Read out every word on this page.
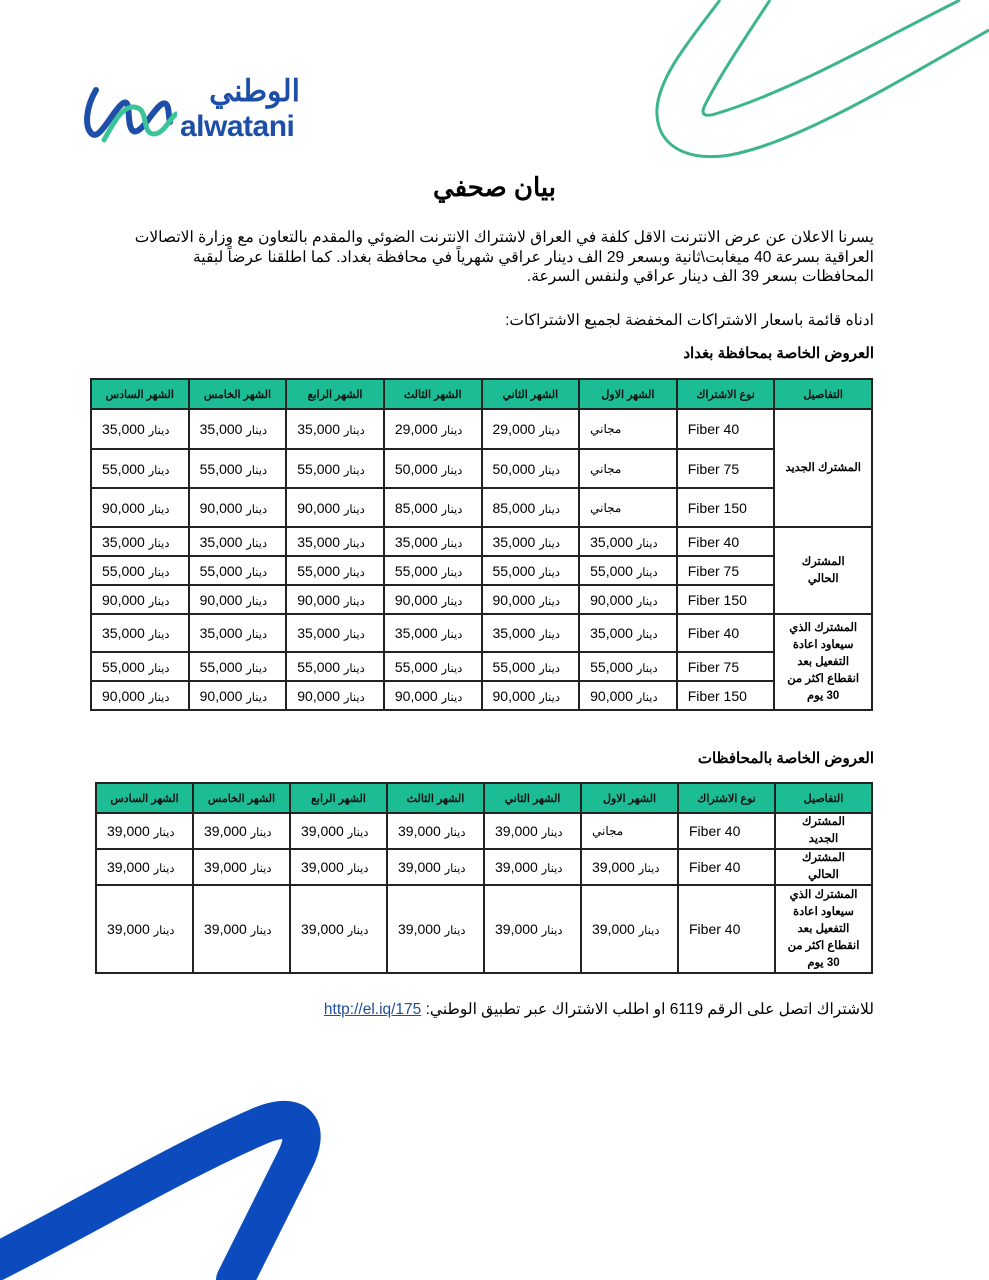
الوطني
alwatani
بيان صحفي
يسرنا الاعلان عن عرض الانترنت الاقل كلفة في العراق لاشتراك الانترنت الضوئي والمقدم بالتعاون مع وزارة الاتصالات العراقية بسرعة 40 ميغابت\ثانية وبسعر 29 الف دينار عراقي شهرياً في محافظة بغداد. كما اطلقنا عرضاً لبقية المحافظات بسعر 39 الف دينار عراقي ولنفس السرعة.
ادناه قائمة باسعار الاشتراكات المخفضة لجميع الاشتراكات:
العروض الخاصة بمحافظة بغداد
التفاصيل	نوع الاشتراك	الشهر الاول	الشهر الثاني	الشهر الثالث	الشهر الرابع	الشهر الخامس	الشهر السادس
المشترك الجديد	Fiber 40	مجاني	29,000 دينار	29,000 دينار	35,000 دينار	35,000 دينار	35,000 دينار
	Fiber 75	مجاني	50,000 دينار	50,000 دينار	55,000 دينار	55,000 دينار	55,000 دينار
	Fiber 150	مجاني	85,000 دينار	85,000 دينار	90,000 دينار	90,000 دينار	90,000 دينار
المشترك الحالي	Fiber 40	35,000 دينار	35,000 دينار	35,000 دينار	35,000 دينار	35,000 دينار	35,000 دينار
	Fiber 75	55,000 دينار	55,000 دينار	55,000 دينار	55,000 دينار	55,000 دينار	55,000 دينار
	Fiber 150	90,000 دينار	90,000 دينار	90,000 دينار	90,000 دينار	90,000 دينار	90,000 دينار
المشترك الذي سيعاود اعادة التفعيل بعد انقطاع اكثر من 30 يوم	Fiber 40	35,000 دينار	35,000 دينار	35,000 دينار	35,000 دينار	35,000 دينار	35,000 دينار
	Fiber 75	55,000 دينار	55,000 دينار	55,000 دينار	55,000 دينار	55,000 دينار	55,000 دينار
	Fiber 150	90,000 دينار	90,000 دينار	90,000 دينار	90,000 دينار	90,000 دينار	90,000 دينار
العروض الخاصة بالمحافظات
التفاصيل	نوع الاشتراك	الشهر الاول	الشهر الثاني	الشهر الثالث	الشهر الرابع	الشهر الخامس	الشهر السادس
المشترك الجديد	Fiber 40	مجاني	39,000 دينار	39,000 دينار	39,000 دينار	39,000 دينار	39,000 دينار
المشترك الحالي	Fiber 40	39,000 دينار	39,000 دينار	39,000 دينار	39,000 دينار	39,000 دينار	39,000 دينار
المشترك الذي سيعاود اعادة التفعيل بعد انقطاع اكثر من 30 يوم	Fiber 40	39,000 دينار	39,000 دينار	39,000 دينار	39,000 دينار	39,000 دينار	39,000 دينار
للاشتراك اتصل على الرقم 6119 او اطلب الاشتراك عبر تطبيق الوطني: http://el.iq/175
